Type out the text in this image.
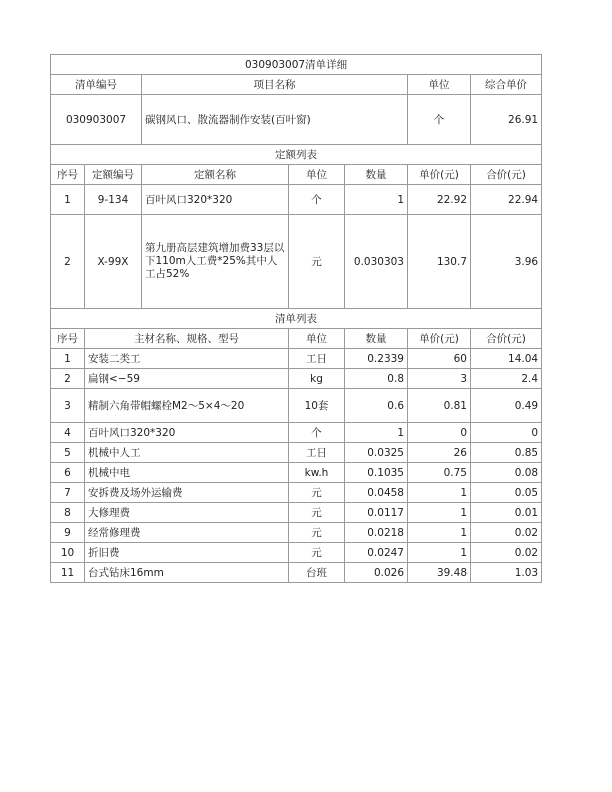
030903007清单详细						
清单编号		项目名称			单位	综合单价
030903007		碳钢风口、散流器制作安装(百叶窗)			个	26.91
定额列表						
序号	定额编号	定额名称	单位	数量	单价(元)	合价(元)
1	9-134	百叶风口320*320	个	1	22.92	22.94
2	X-99X	第九册高层建筑增加费33层以下110m人工费*25%其中人工占52%	元	0.030303	130.7	3.96
清单列表						
序号	主材名称、规格、型号		单位	数量	单价(元)	合价(元)
1	安装二类工		工日	0.2339	60	14.04
2	扁钢<−59		kg	0.8	3	2.4
3	精制六角带帽螺栓M2～5×4～20		10套	0.6	0.81	0.49
4	百叶风口320*320		个	1	0	0
5	机械中人工		工日	0.0325	26	0.85
6	机械中电		kw.h	0.1035	0.75	0.08
7	安拆费及场外运输费		元	0.0458	1	0.05
8	大修理费		元	0.0117	1	0.01
9	经常修理费		元	0.0218	1	0.02
10	折旧费		元	0.0247	1	0.02
11	台式钻床16mm		台班	0.026	39.48	1.03
